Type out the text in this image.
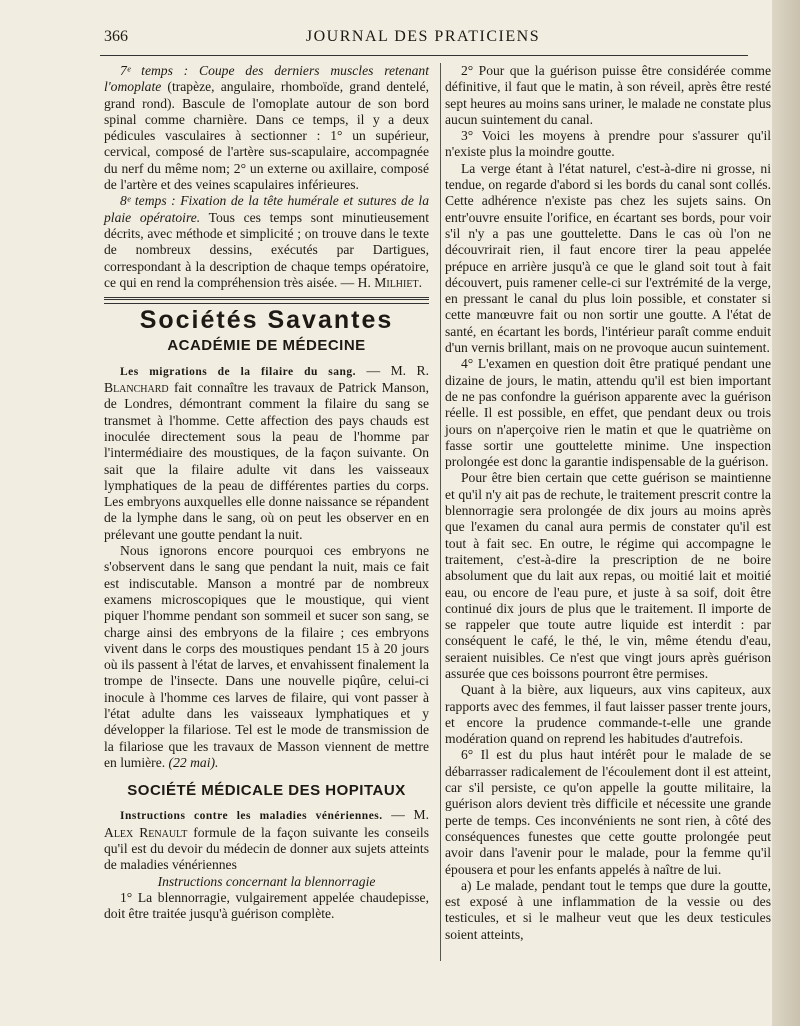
366	JOURNAL DES PRATICIENS

7ᵉ temps : Coupe des derniers muscles retenant l'omoplate (trapèze, angulaire, rhomboïde, grand dentelé, grand rond). Bascule de l'omoplate autour de son bord spinal comme charnière. Dans ce temps, il y a deux pédicules vasculaires à sectionner : 1° un supérieur, cervical, composé de l'artère sus-scapulaire, accompagnée du nerf du même nom; 2° un externe ou axillaire, composé de l'artère et des veines scapulaires inférieures.

8ᵉ temps : Fixation de la tête humérale et sutures de la plaie opératoire. Tous ces temps sont minutieusement décrits, avec méthode et simplicité ; on trouve dans le texte de nombreux dessins, exécutés par Dartigues, correspondant à la description de chaque temps opératoire, ce qui en rend la compréhension très aisée. — H. Milhiet.

Sociétés Savantes
ACADÉMIE DE MÉDECINE

Les migrations de la filaire du sang. — M. R. Blanchard fait connaître les travaux de Patrick Manson, de Londres, démontrant comment la filaire du sang se transmet à l'homme. Cette affection des pays chauds est inoculée directement sous la peau de l'homme par l'intermédiaire des moustiques, de la façon suivante. On sait que la filaire adulte vit dans les vaisseaux lymphatiques de la peau de différentes parties du corps. Les embryons auxquelles elle donne naissance se répandent de la lymphe dans le sang, où on peut les observer en en prélevant une goutte pendant la nuit.

Nous ignorons encore pourquoi ces embryons ne s'observent dans le sang que pendant la nuit, mais ce fait est indiscutable. Manson a montré par de nombreux examens microscopiques que le moustique, qui vient piquer l'homme pendant son sommeil et sucer son sang, se charge ainsi des embryons de la filaire ; ces embryons vivent dans le corps des moustiques pendant 15 à 20 jours où ils passent à l'état de larves, et envahissent finalement la trompe de l'insecte. Dans une nouvelle piqûre, celui-ci inocule à l'homme ces larves de filaire, qui vont passer à l'état adulte dans les vaisseaux lymphatiques et y développer la filariose. Tel est le mode de transmission de la filariose que les travaux de Masson viennent de mettre en lumière. (22 mai).

SOCIÉTÉ MÉDICALE DES HOPITAUX

Instructions contre les maladies vénériennes. — M. Alex Renault formule de la façon suivante les conseils qu'il est du devoir du médecin de donner aux sujets atteints de maladies vénériennes

Instructions concernant la blennorragie

1° La blennorragie, vulgairement appelée chaudepisse, doit être traitée jusqu'à guérison complète.

2° Pour que la guérison puisse être considérée comme définitive, il faut que le matin, à son réveil, après être resté sept heures au moins sans uriner, le malade ne constate plus aucun suintement du canal.

3° Voici les moyens à prendre pour s'assurer qu'il n'existe plus la moindre goutte.

La verge étant à l'état naturel, c'est-à-dire ni grosse, ni tendue, on regarde d'abord si les bords du canal sont collés. Cette adhérence n'existe pas chez les sujets sains. On entr'ouvre ensuite l'orifice, en écartant ses bords, pour voir s'il n'y a pas une gouttelette. Dans le cas où l'on ne découvrirait rien, il faut encore tirer la peau appelée prépuce en arrière jusqu'à ce que le gland soit tout à fait découvert, puis ramener celle-ci sur l'extrémité de la verge, en pressant le canal du plus loin possible, et constater si cette manœuvre fait ou non sortir une goutte. A l'état de santé, en écartant les bords, l'intérieur paraît comme enduit d'un vernis brillant, mais on ne provoque aucun suintement.

4° L'examen en question doit être pratiqué pendant une dizaine de jours, le matin, attendu qu'il est bien important de ne pas confondre la guérison apparente avec la guérison réelle. Il est possible, en effet, que pendant deux ou trois jours on n'aperçoive rien le matin et que le quatrième on fasse sortir une gouttelette minime. Une inspection prolongée est donc la garantie indispensable de la guérison.

Pour être bien certain que cette guérison se maintienne et qu'il n'y ait pas de rechute, le traitement prescrit contre la blennorragie sera prolongée de dix jours au moins après que l'examen du canal aura permis de constater qu'il est tout à fait sec. En outre, le régime qui accompagne le traitement, c'est-à-dire la prescription de ne boire absolument que du lait aux repas, ou moitié lait et moitié eau, ou encore de l'eau pure, et juste à sa soif, doit être continué dix jours de plus que le traitement. Il importe de se rappeler que toute autre liquide est interdit : par conséquent le café, le thé, le vin, même étendu d'eau, seraient nuisibles. Ce n'est que vingt jours après guérison assurée que ces boissons pourront être permises.

Quant à la bière, aux liqueurs, aux vins capiteux, aux rapports avec des femmes, il faut laisser passer trente jours, et encore la prudence commande-t-elle une grande modération quand on reprend les habitudes d'autrefois.

6° Il est du plus haut intérêt pour le malade de se débarrasser radicalement de l'écoulement dont il est atteint, car s'il persiste, ce qu'on appelle la goutte militaire, la guérison alors devient très difficile et nécessite une grande perte de temps. Ces inconvénients ne sont rien, à côté des conséquences funestes que cette goutte prolongée peut avoir dans l'avenir pour le malade, pour la femme qu'il épousera et pour les enfants appelés à naître de lui.

a) Le malade, pendant tout le temps que dure la goutte, est exposé à une inflammation de la vessie ou des testicules, et si le malheur veut que les deux testicules soient atteints,
